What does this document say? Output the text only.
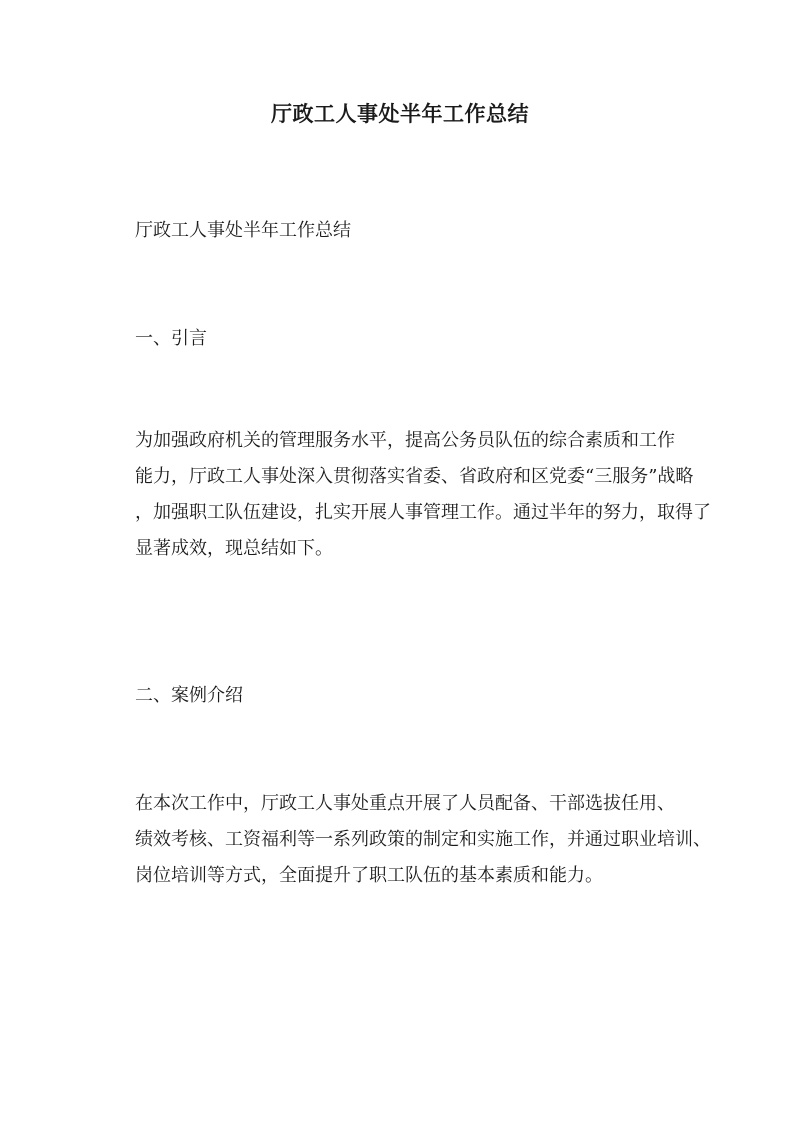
厅政工人事处半年工作总结
厅政工人事处半年工作总结
一、引言
为加强政府机关的管理服务水平，提高公务员队伍的综合素质和工作
能力，厅政工人事处深入贯彻落实省委、省政府和区党委“三服务”战略
，加强职工队伍建设，扎实开展人事管理工作。通过半年的努力，取得了
显著成效，现总结如下。
二、案例介绍
在本次工作中，厅政工人事处重点开展了人员配备、干部选拔任用、
绩效考核、工资福利等一系列政策的制定和实施工作，并通过职业培训、
岗位培训等方式，全面提升了职工队伍的基本素质和能力。
